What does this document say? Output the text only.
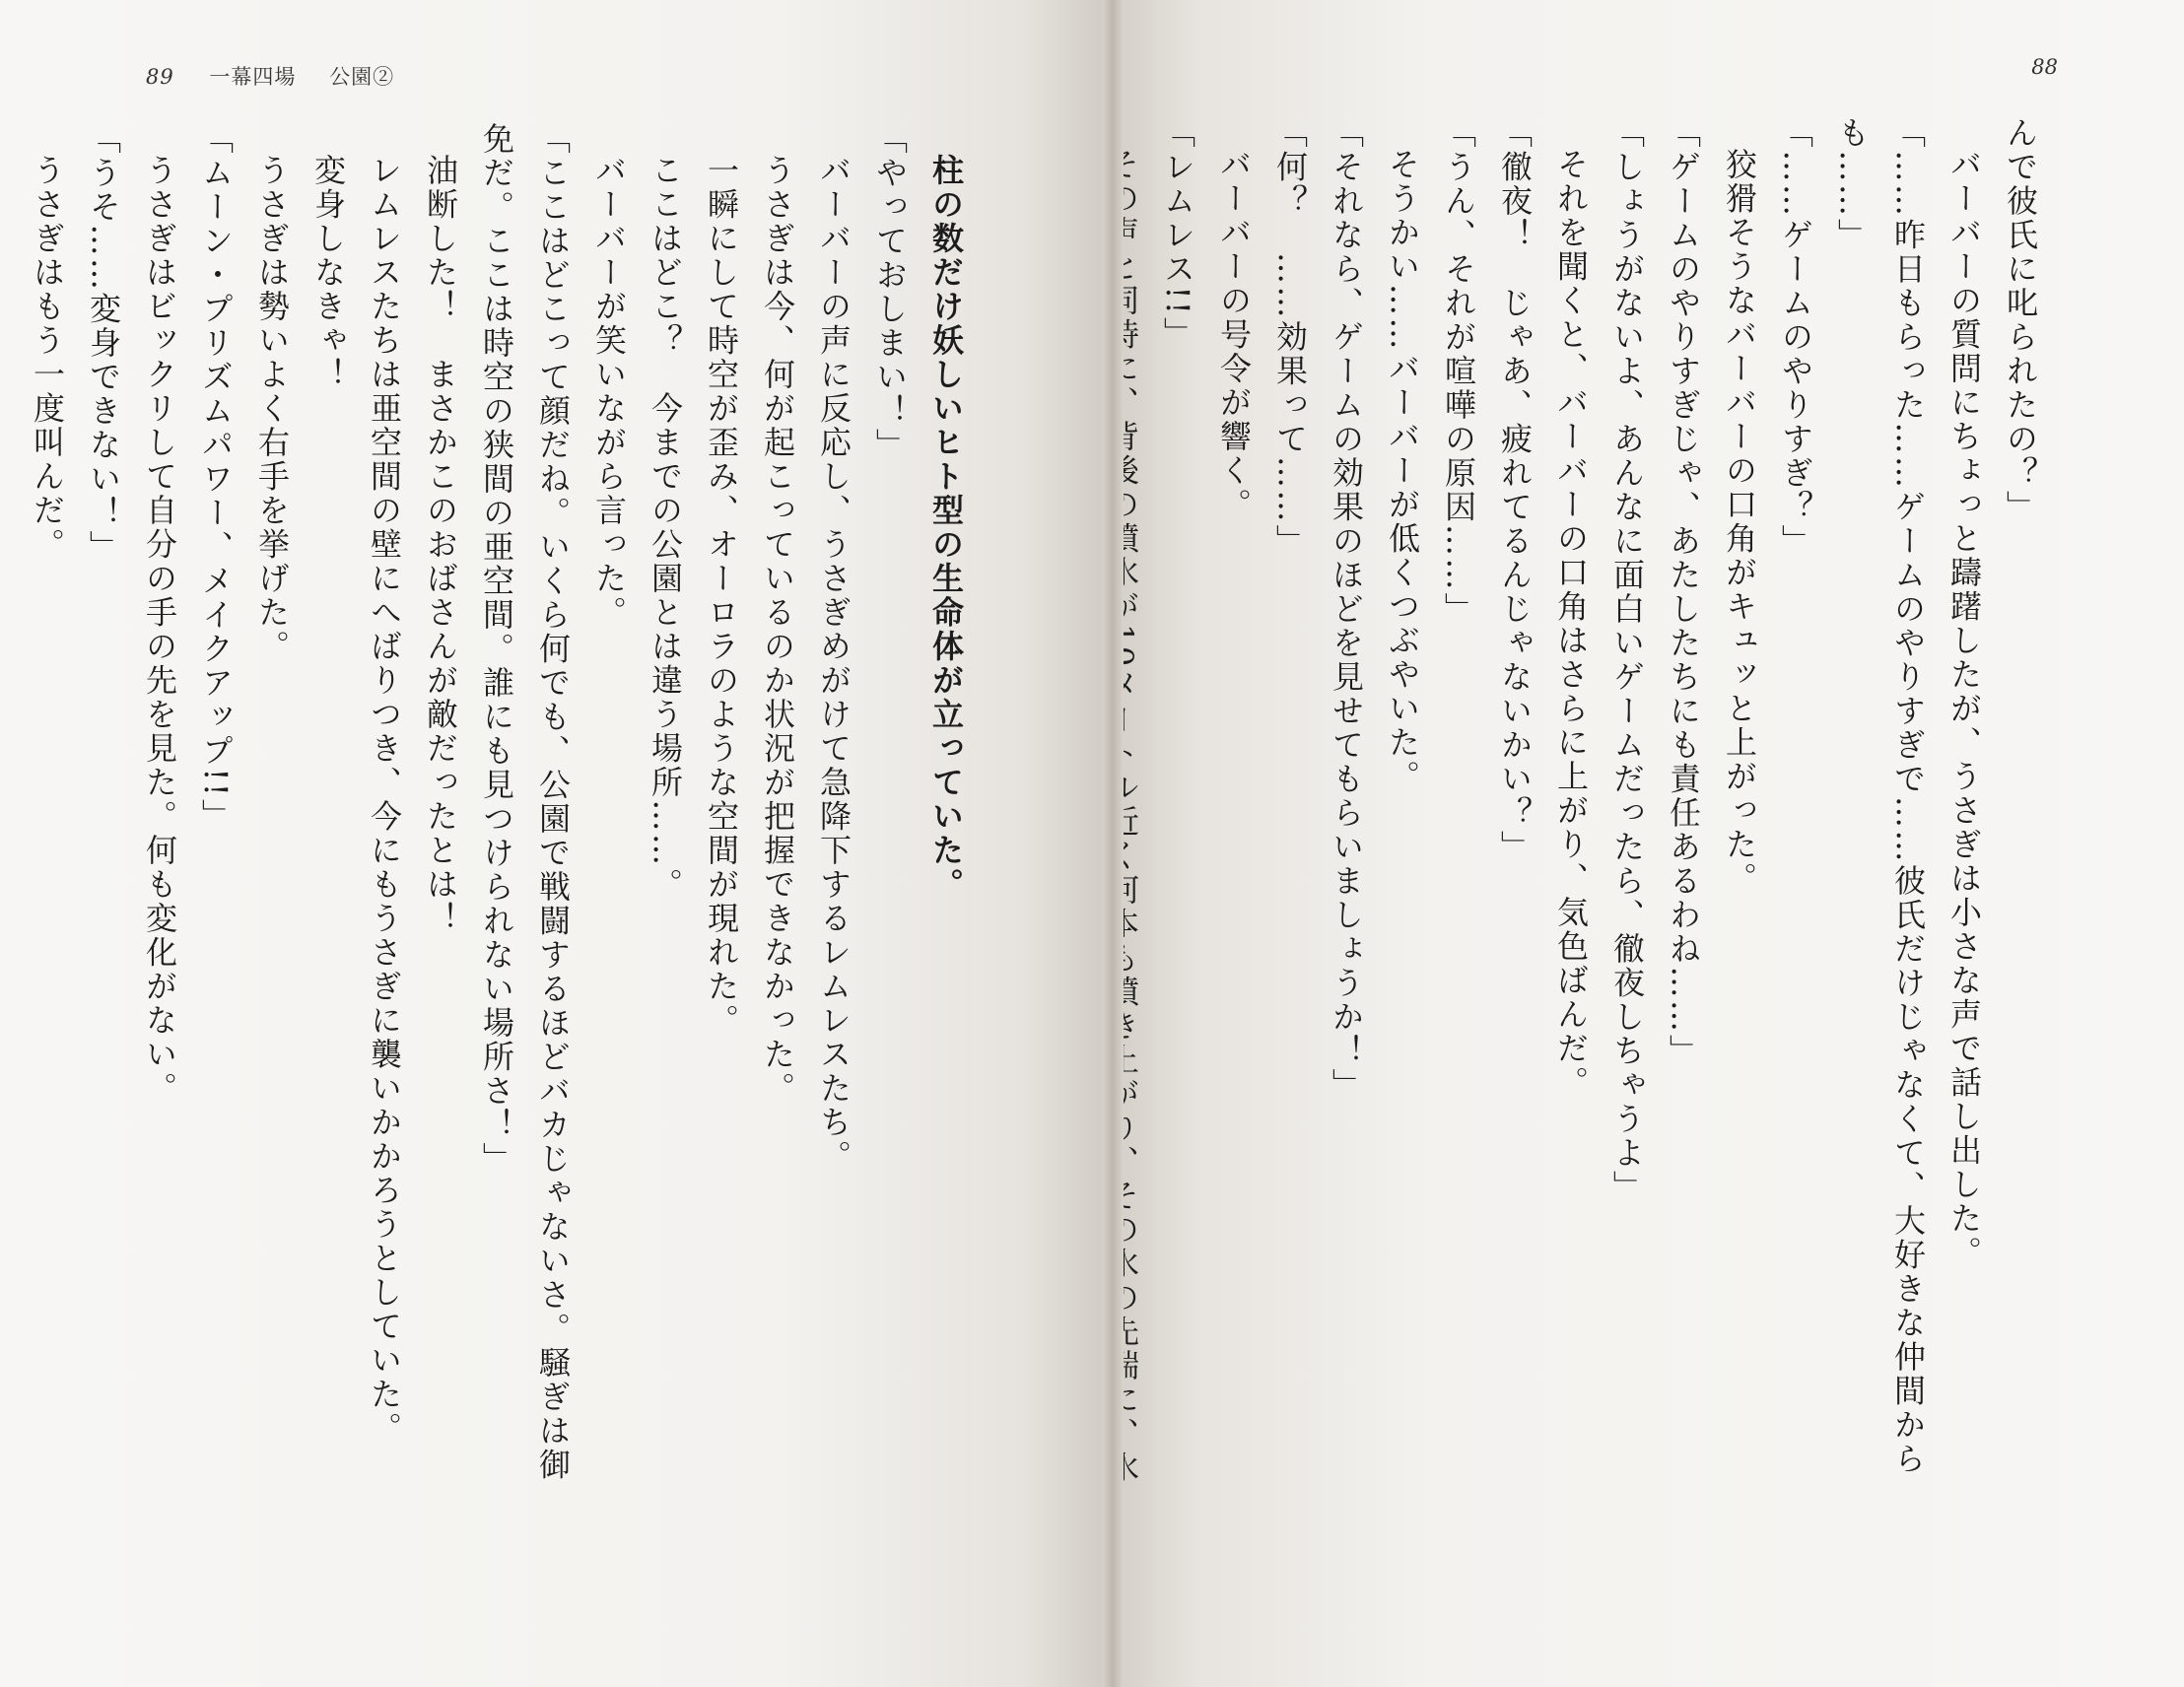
89 一幕四場 公園②
柱の数だけ妖しいヒト型の生命体が立っていた。
「やっておしまい！」
バーバーの声に反応し、うさぎめがけて急降下するレムレスたち。
うさぎは今、何が起こっているのか状況が把握できなかった。
一瞬にして時空が歪み、オーロラのような空間が現れた。
ここはどこ？　今までの公園とは違う場所……。
バーバーが笑いながら言った。
「ここはどこって顔だね。いくら何でも、公園で戦闘するほどバカじゃないさ。騒ぎは御
免だ。ここは時空の狭間の亜空間。誰にも見つけられない場所さ！」
油断した！　まさかこのおばさんが敵だったとは！
レムレスたちは亜空間の壁にへばりつき、今にもうさぎに襲いかかろうとしていた。
変身しなきゃ！
うさぎは勢いよく右手を挙げた。
「ムーン・プリズムパワー、メイクアップ!!」
うさぎはビックリして自分の手の先を見た。何も変化がない。
「うそ……変身できない！」
うさぎはもう一度叫んだ。
88
んで彼氏に叱られたの？」
バーバーの質問にちょっと躊躇したが、うさぎは小さな声で話し出した。
「……昨日もらった……ゲームのやりすぎで……彼氏だけじゃなくて、大好きな仲間から
も……」
「……ゲームのやりすぎ？」
狡猾そうなバーバーの口角がキュッと上がった。
「ゲームのやりすぎじゃ、あたしたちにも責任あるわね……」
「しょうがないよ、あんなに面白いゲームだったら、徹夜しちゃうよ」
それを聞くと、バーバーの口角はさらに上がり、気色ばんだ。
「徹夜！　じゃあ、疲れてるんじゃないかい？」
「うん、それが喧嘩の原因……」
そうかい……バーバーが低くつぶやいた。
「それなら、ゲームの効果のほどを見せてもらいましょうか！」
「何？　……効果って……」
バーバーの号令が響く。
「レムレス!!」
